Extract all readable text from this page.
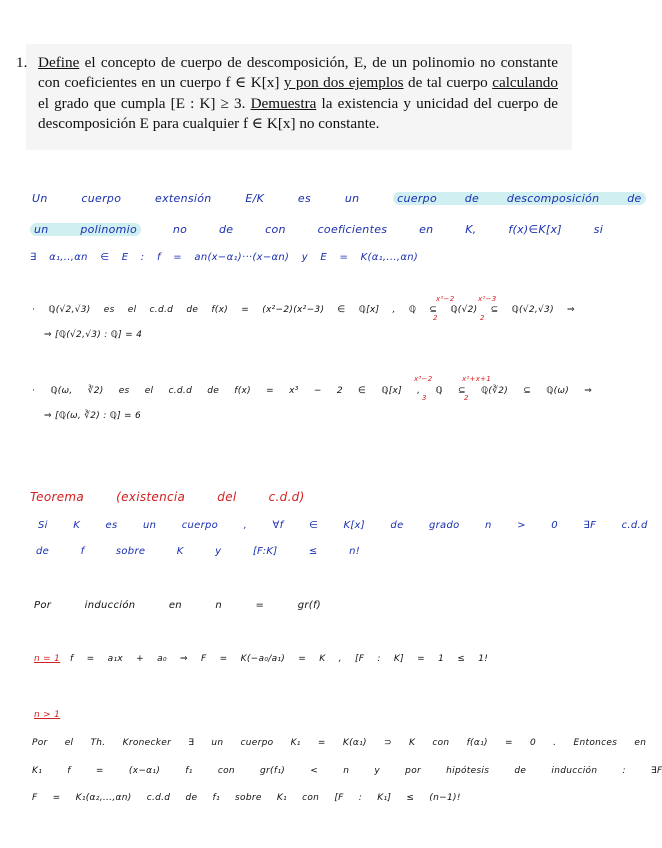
1. Define el concepto de cuerpo de descomposición, E, de un polinomio no constante con coeficientes en un cuerpo f ∈ K[x] y pon dos ejemplos de tal cuerpo calculando el grado que cumpla [E : K] ≥ 3. Demuestra la existencia y unicidad del cuerpo de descomposición E para cualquier f ∈ K[x] no constante.
Un cuerpo extensión E/K es un	cuerpo de descomposición de
un polinomio	no de con coeficientes en K, f(x)∈K[x] si
∃ α₁,..,αn ∈ E : f = an(x−α₁)···(x−αn) y E = K(α₁,...,αn)
· ℚ(√2,√3) es el c.d.d de f(x) = (x²−2)(x²−3) ∈ ℚ[x] , ℚ ⊆ ℚ(√2) ⊆ ℚ(√2,√3) ⇒
x²−2	x²−3
2	2
⇒ [ℚ(√2,√3) : ℚ] = 4
· ℚ(ω, ∛2) es el c.d.d de f(x) = x³ − 2 ∈ ℚ[x] , ℚ ⊆ ℚ(∛2) ⊆ ℚ(ω) ⇒
x³−2	x²+x+1
3	2
⇒ [ℚ(ω, ∛2) : ℚ] = 6
Teorema (existencia del c.d.d)
Si K es un cuerpo , ∀f ∈ K[x] de grado n > 0 ∃F c.d.d
de f sobre K y [F:K] ≤ n!
Por inducción en n = gr(f)
n = 1 f = a₁x + a₀ ⇒ F = K(−a₀/a₁) = K , [F : K] = 1 ≤ 1!
n > 1
Por el Th. Kronecker ∃ un cuerpo K₁ = K(α₁) ⊃ K con f(α₁) = 0 . Entonces en
K₁ f = (x−α₁) f₁ con gr(f₁) < n y por hipótesis de inducción : ∃F
F = K₁(α₂,...,αn) c.d.d de f₁ sobre K₁ con [F : K₁] ≤ (n−1)!
